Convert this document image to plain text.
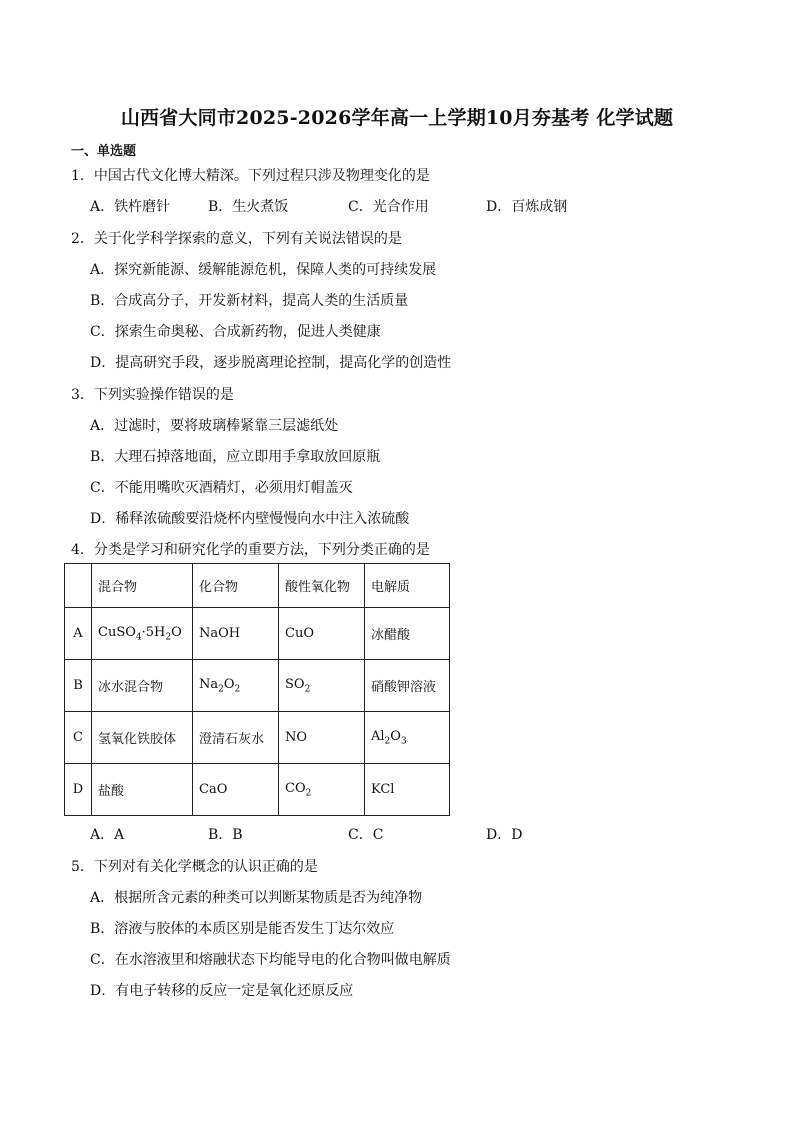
山西省大同市2025-2026学年高一上学期10月夯基考 化学试题
一、单选题
1．中国古代文化博大精深。下列过程只涉及物理变化的是
A．铁杵磨针	B．生火煮饭	C．光合作用	D．百炼成钢
2．关于化学科学探索的意义，下列有关说法错误的是
A．探究新能源、缓解能源危机，保障人类的可持续发展
B．合成高分子，开发新材料，提高人类的生活质量
C．探索生命奥秘、合成新药物，促进人类健康
D．提高研究手段，逐步脱离理论控制，提高化学的创造性
3．下列实验操作错误的是
A．过滤时，要将玻璃棒紧靠三层滤纸处
B．大理石掉落地面，应立即用手拿取放回原瓶
C．不能用嘴吹灭酒精灯，必须用灯帽盖灭
D．稀释浓硫酸要沿烧杯内壁慢慢向水中注入浓硫酸
4．分类是学习和研究化学的重要方法，下列分类正确的是
	混合物	化合物	酸性氧化物	电解质
A	$CuSO_4\cdot 5H_2O$	NaOH	CuO	冰醋酸
B	冰水混合物	$Na_2O_2$	$SO_2$	硝酸钾溶液
C	氢氧化铁胶体	澄清石灰水	NO	$Al_2O_3$
D	盐酸	CaO	$CO_2$	KCl
A．A	B．B	C．C	D．D
5．下列对有关化学概念的认识正确的是
A．根据所含元素的种类可以判断某物质是否为纯净物
B．溶液与胶体的本质区别是能否发生丁达尔效应
C．在水溶液里和熔融状态下均能导电的化合物叫做电解质
D．有电子转移的反应一定是氧化还原反应
